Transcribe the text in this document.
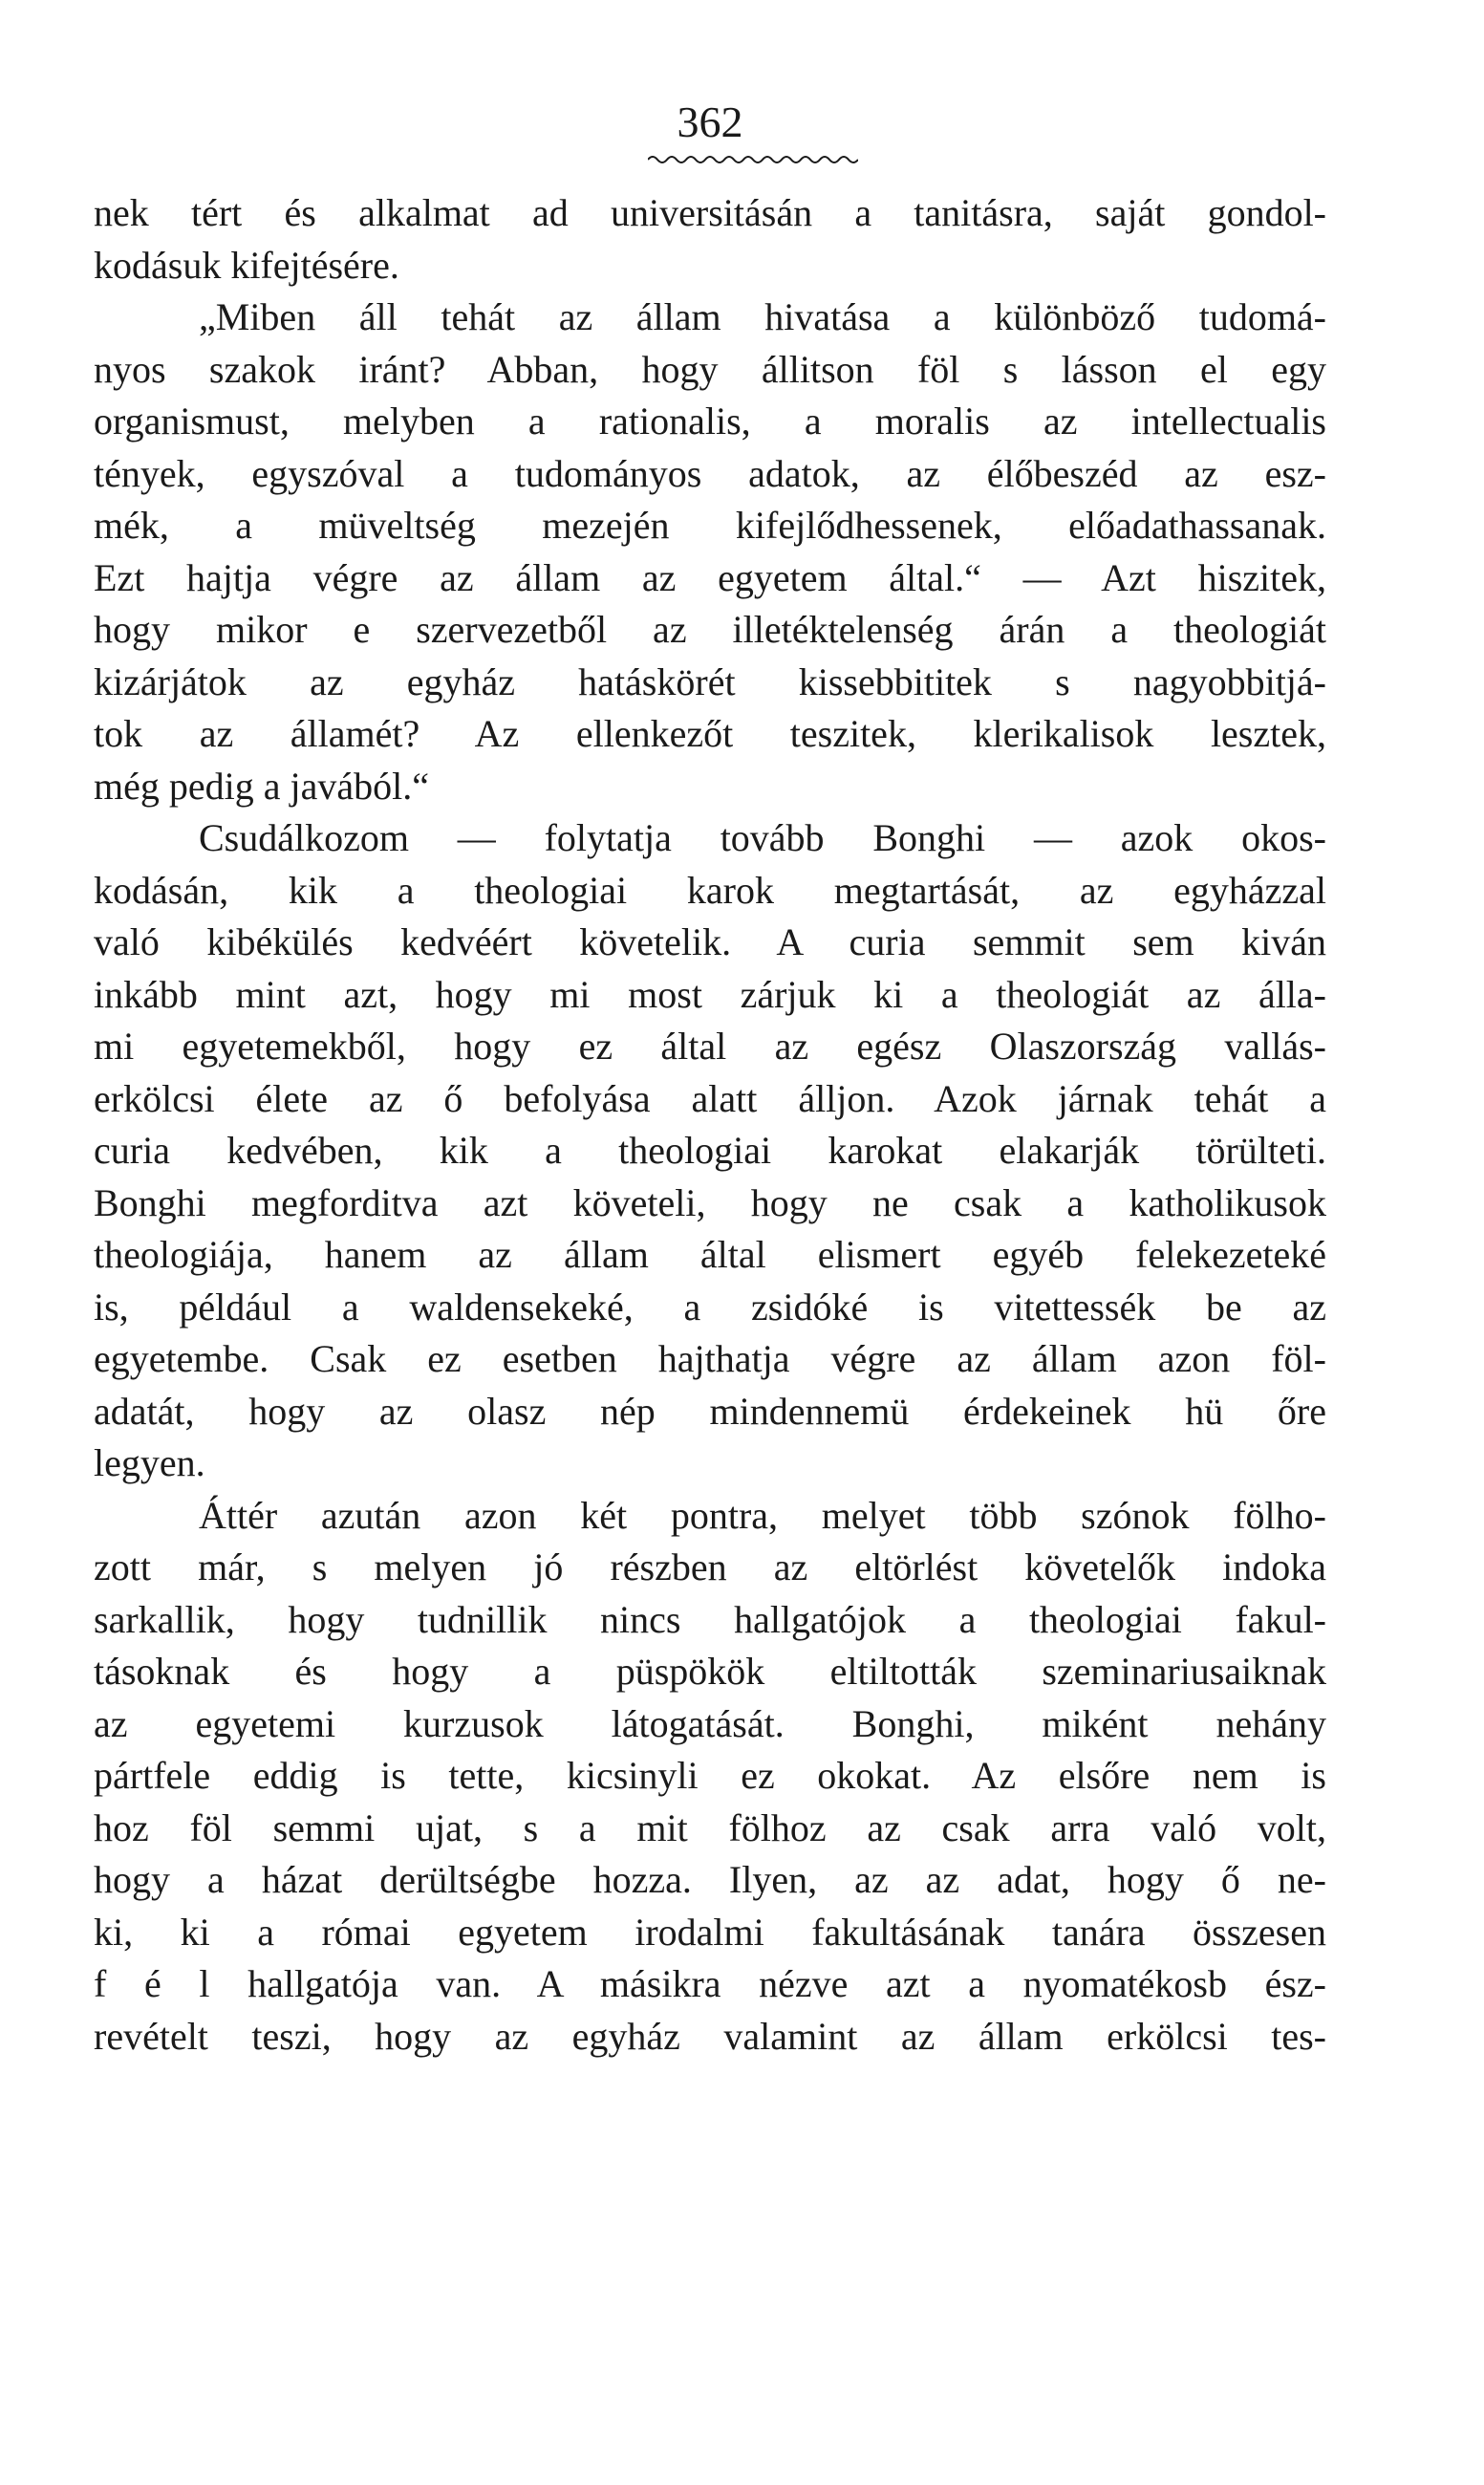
362
nek tért és alkalmat ad universitásán a tanitásra, saját gondol-
kodásuk kifejtésére.
„Miben áll tehát az állam hivatása a különböző tudomá-
nyos szakok iránt? Abban, hogy állitson föl s lásson el egy
organismust, melyben a rationalis, a moralis az intellectualis
tények, egyszóval a tudományos adatok, az élőbeszéd az esz-
mék, a müveltség mezején kifejlődhessenek, előadathassanak.
Ezt hajtja végre az állam az egyetem által.“ — Azt hiszitek,
hogy mikor e szervezetből az illetéktelenség árán a theologiát
kizárjátok az egyház hatáskörét kissebbititek s nagyobbitjá-
tok az államét? Az ellenkezőt teszitek, klerikalisok lesztek,
még pedig a javából.“
Csudálkozom — folytatja tovább Bonghi — azok okos-
kodásán, kik a theologiai karok megtartását, az egyházzal
való kibékülés kedvéért követelik. A curia semmit sem kiván
inkább mint azt, hogy mi most zárjuk ki a theologiát az álla-
mi egyetemekből, hogy ez által az egész Olaszország vallás-
erkölcsi élete az ő befolyása alatt álljon. Azok járnak tehát a
curia kedvében, kik a theologiai karokat elakarják törülteti.
Bonghi megforditva azt követeli, hogy ne csak a katholikusok
theologiája, hanem az állam által elismert egyéb felekezeteké
is, például a waldensekeké, a zsidóké is vitettessék be az
egyetembe. Csak ez esetben hajthatja végre az állam azon föl-
adatát, hogy az olasz nép mindennemü érdekeinek hü őre
legyen.
Áttér azután azon két pontra, melyet több szónok fölho-
zott már, s melyen jó részben az eltörlést követelők indoka
sarkallik, hogy tudnillik nincs hallgatójok a theologiai fakul-
tásoknak és hogy a püspökök eltiltották szeminariusaiknak
az egyetemi kurzusok látogatását. Bonghi, miként nehány
pártfele eddig is tette, kicsinyli ez okokat. Az elsőre nem is
hoz föl semmi ujat, s a mit fölhoz az csak arra való volt,
hogy a házat derültségbe hozza. Ilyen, az az adat, hogy ő ne-
ki, ki a római egyetem irodalmi fakultásának tanára összesen
f é l hallgatója van. A másikra nézve azt a nyomatékosb ész-
revételt teszi, hogy az egyház valamint az állam erkölcsi tes-
